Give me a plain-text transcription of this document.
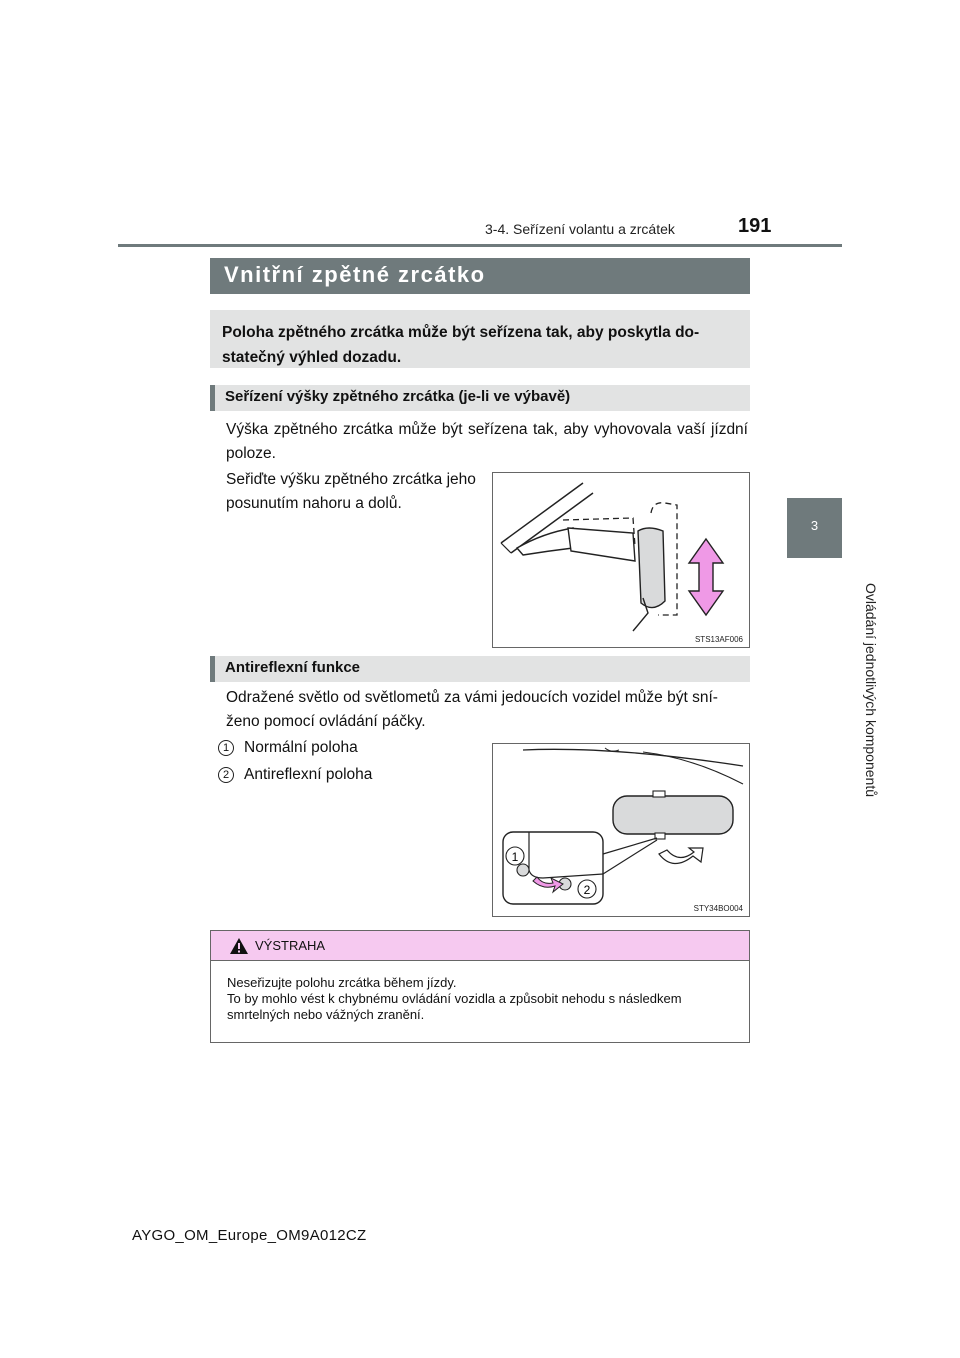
3-4. Seřízení volantu a zrcátek	191
3
Ovládání jednotlivých komponentů
Vnitřní zpětné zrcátko
Poloha zpětného zrcátka může být seřízena tak, aby poskytla do-
statečný výhled dozadu.
Seřízení výšky zpětného zrcátka (je-li ve výbavě)
Výška zpětného zrcátka může být seřízena tak, aby vyhovovala vaší jízdní poloze.
Seřiďte výšku zpětného zrcátka jeho posunutím nahoru a dolů.
STS13AF006
Antireflexní funkce
Odražené světlo od světlometů za vámi jedoucích vozidel může být sní-
ženo pomocí ovládání páčky.
1 Normální poloha
2 Antireflexní poloha
1
2
STY34BO004
VÝSTRAHA
Neseřizujte polohu zrcátka během jízdy.
To by mohlo vést k chybnému ovládání vozidla a způsobit nehodu s následkem smrtelných nebo vážných zranění.
AYGO_OM_Europe_OM9A012CZ
